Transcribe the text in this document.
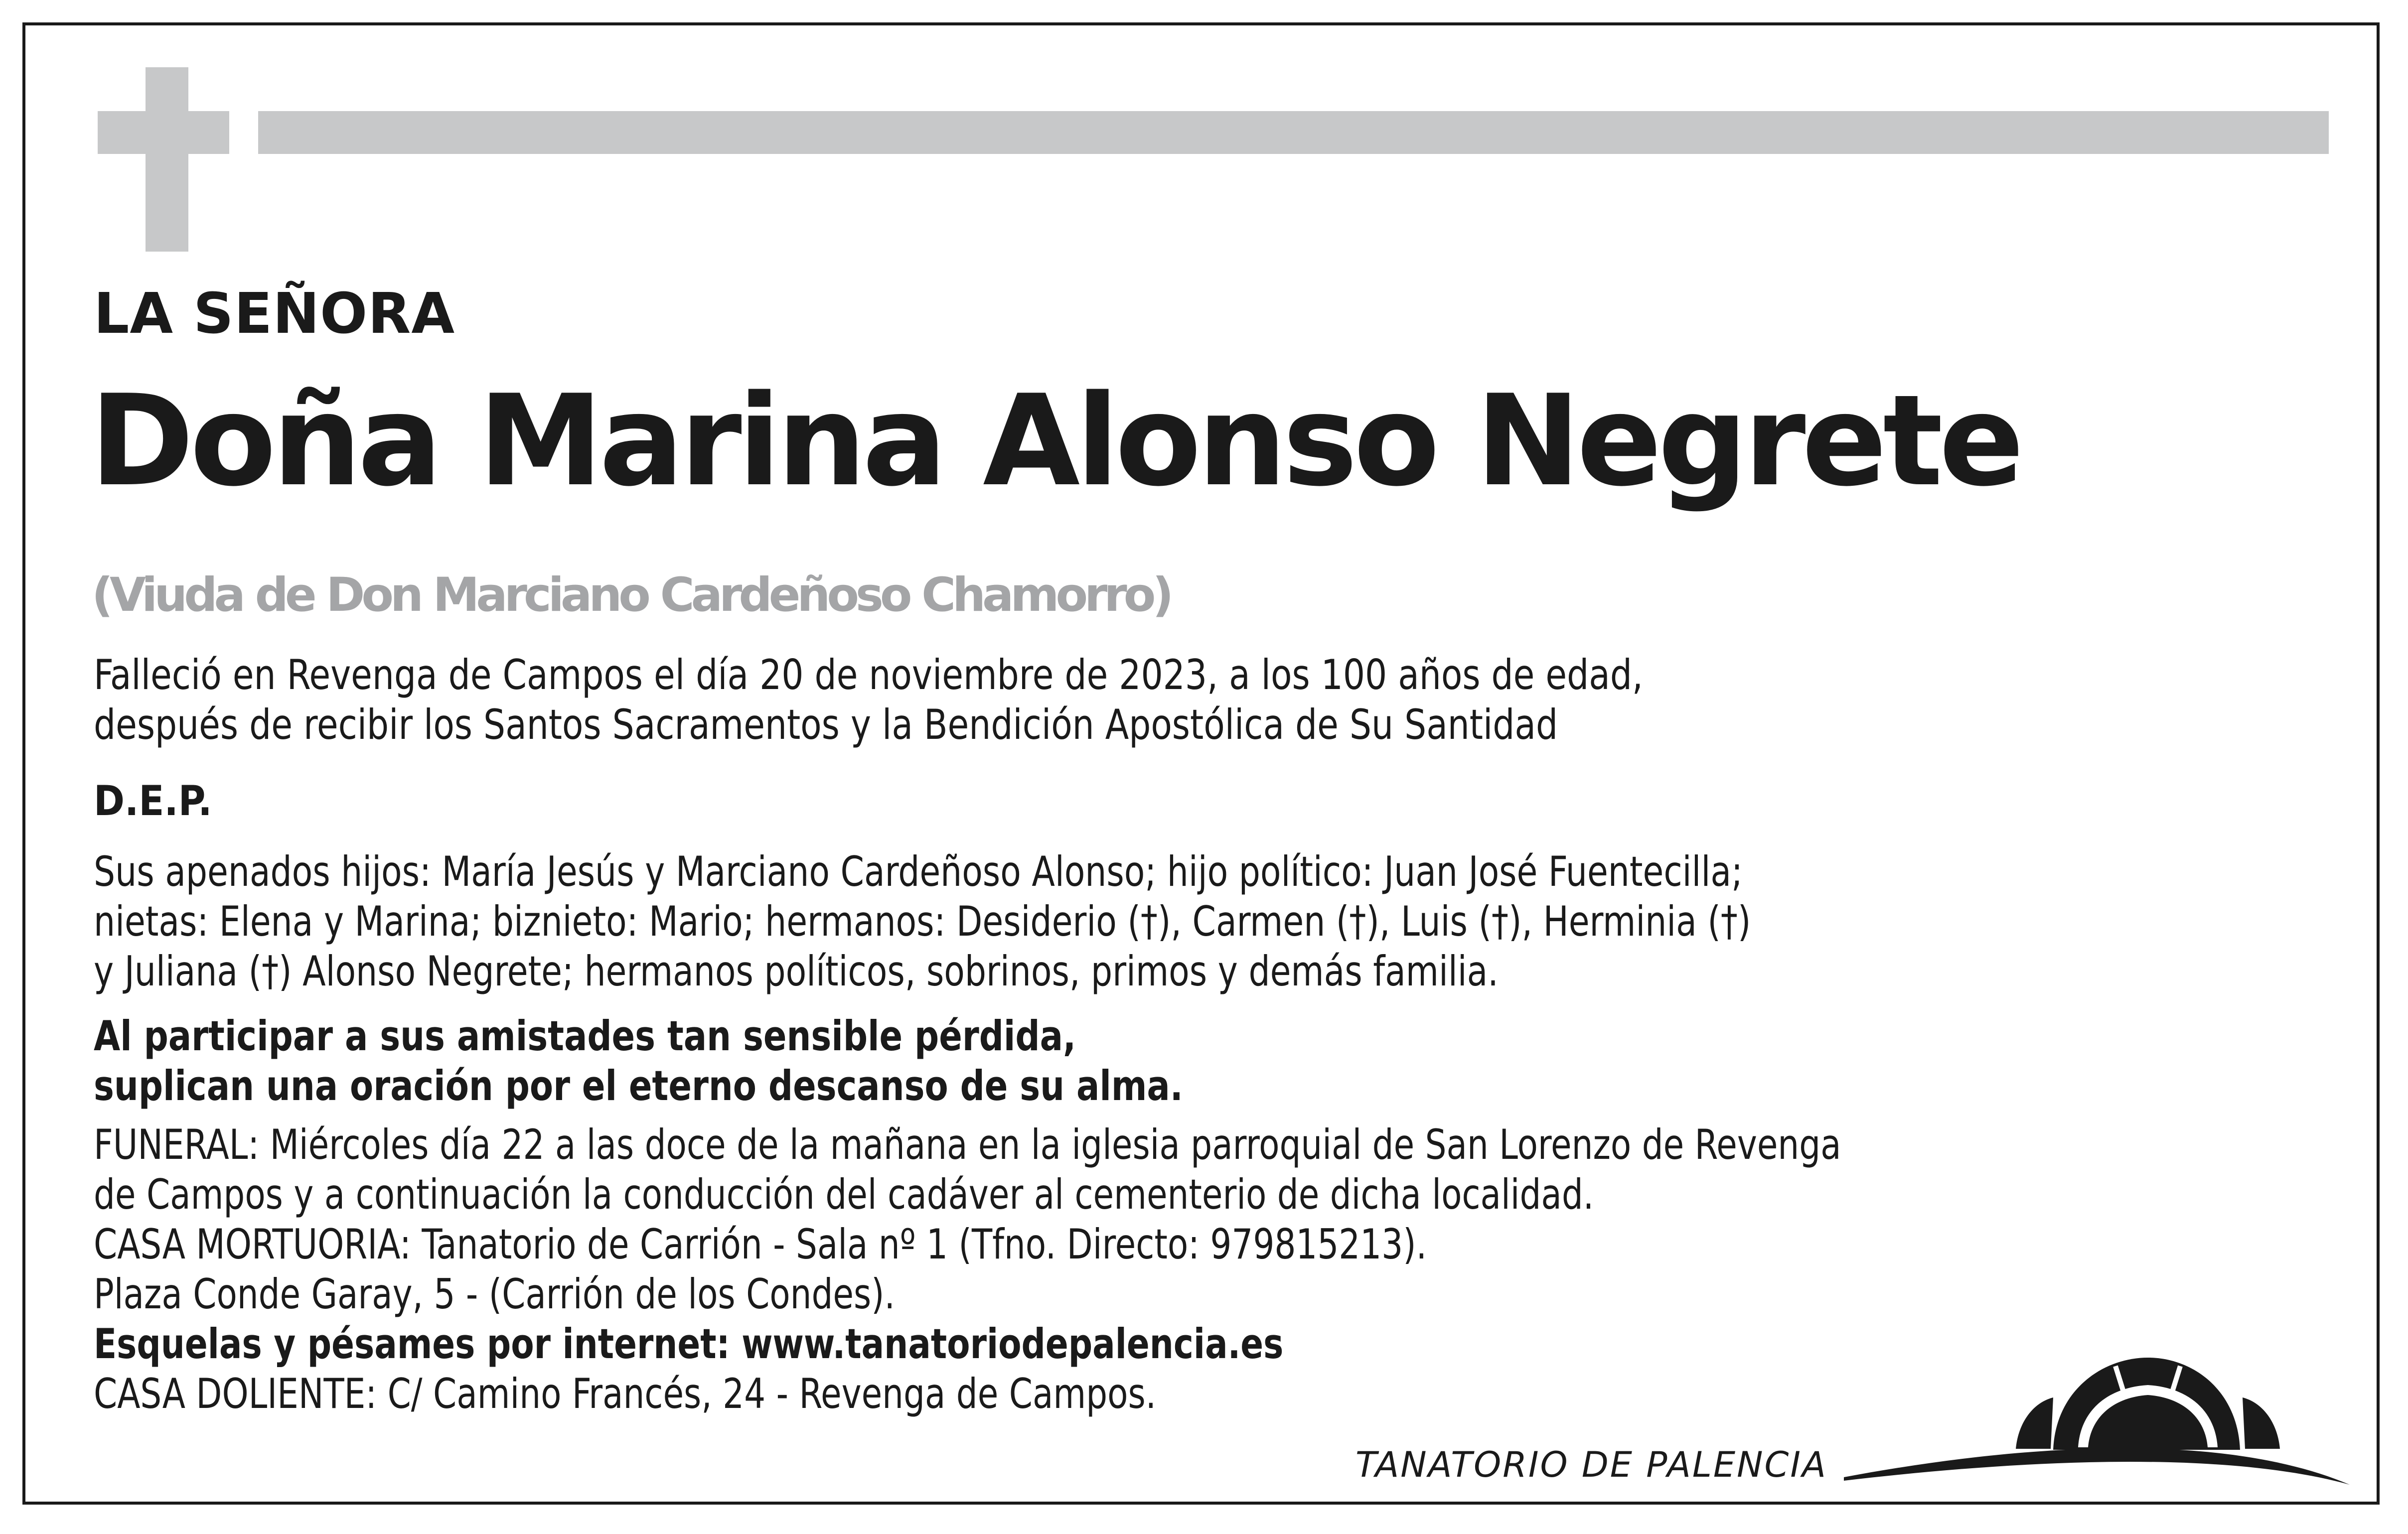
LA SEÑORA
Doña Marina Alonso Negrete
(Viuda de Don Marciano Cardeñoso Chamorro)
Falleció en Revenga de Campos el día 20 de noviembre de 2023, a los 100 años de edad,
después de recibir los Santos Sacramentos y la Bendición Apostólica de Su Santidad
D.E.P.
Sus apenados hijos: María Jesús y Marciano Cardeñoso Alonso; hijo político: Juan José Fuentecilla;
nietas: Elena y Marina; biznieto: Mario; hermanos: Desiderio (†), Carmen (†), Luis (†), Herminia (†)
y Juliana (†) Alonso Negrete; hermanos políticos, sobrinos, primos y demás familia.
Al participar a sus amistades tan sensible pérdida,
suplican una oración por el eterno descanso de su alma.
FUNERAL: Miércoles día 22 a las doce de la mañana en la iglesia parroquial de San Lorenzo de Revenga
de Campos y a continuación la conducción del cadáver al cementerio de dicha localidad.
CASA MORTUORIA: Tanatorio de Carrión - Sala nº 1 (Tfno. Directo: 979815213).
Plaza Conde Garay, 5 - (Carrión de los Condes).
Esquelas y pésames por internet: www.tanatoriodepalencia.es
CASA DOLIENTE: C/ Camino Francés, 24 - Revenga de Campos.
TANATORIO DE PALENCIA
